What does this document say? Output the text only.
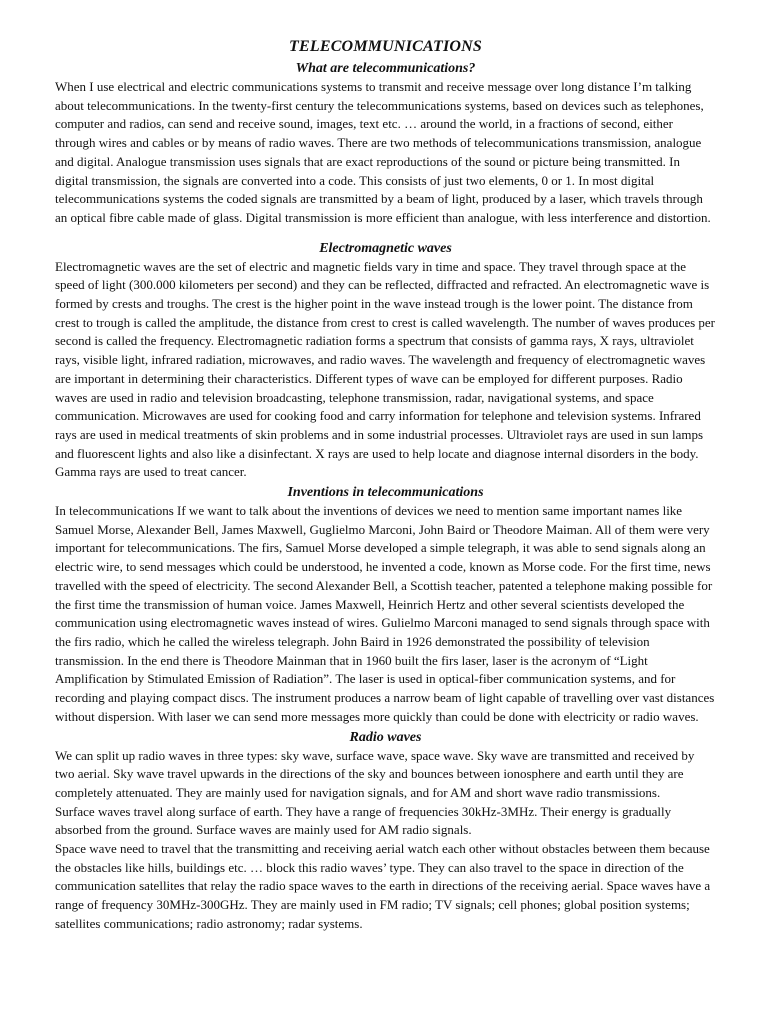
TELECOMMUNICATIONS
What are telecommunications?

When I use electrical and electric communications systems to transmit and receive message over long distance I’m talking about telecommunications. In the twenty-first century the telecommunications systems, based on devices such as telephones, computer and radios, can send and receive sound, images, text etc. … around the world, in a fractions of second, either through wires and cables or by means of radio waves. There are two methods of telecommunications transmission, analogue and digital. Analogue transmission uses signals that are exact reproductions of the sound or picture being transmitted. In digital transmission, the signals are converted into a code. This consists of just two elements, 0 or 1. In most digital telecommunications systems the coded signals are transmitted by a beam of light, produced by a laser, which travels through an optical fibre cable made of glass. Digital transmission is more efficient than analogue, with less interference and distortion.

Electromagnetic waves

Electromagnetic waves are the set of electric and magnetic fields vary in time and space. They travel through space at the speed of light (300.000 kilometers per second) and they can be reflected, diffracted and refracted. An electromagnetic wave is formed by crests and troughs. The crest is the higher point in the wave instead trough is the lower point. The distance from crest to trough is called the amplitude, the distance from crest to crest is called wavelength. The number of waves produces per second is called the frequency. Electromagnetic radiation forms a spectrum that consists of gamma rays, X rays, ultraviolet rays, visible light, infrared radiation, microwaves, and radio waves. The wavelength and frequency of electromagnetic waves are important in determining their characteristics. Different types of wave can be employed for different purposes. Radio waves are used in radio and television broadcasting, telephone transmission, radar, navigational systems, and space communication. Microwaves are used for cooking food and carry information for telephone and television systems. Infrared rays are used in medical treatments of skin problems and in some industrial processes. Ultraviolet rays are used in sun lamps and fluorescent lights and also like a disinfectant. X rays are used to help locate and diagnose internal disorders in the body. Gamma rays are used to treat cancer.

Inventions in telecommunications

In telecommunications If we want to talk about the inventions of devices we need to mention same important names like Samuel Morse, Alexander Bell, James Maxwell, Guglielmo Marconi, John Baird or Theodore Maiman. All of them were very important for telecommunications. The firs, Samuel Morse developed a simple telegraph, it was able to send signals along an electric wire, to send messages which could be understood, he invented a code, known as Morse code. For the first time, news travelled with the speed of electricity. The second Alexander Bell, a Scottish teacher, patented a telephone making possible for the first time the transmission of human voice. James Maxwell, Heinrich Hertz and other several scientists developed the communication using electromagnetic waves instead of wires. Gulielmo Marconi managed to send signals through space with the firs radio, which he called the wireless telegraph. John Baird in 1926 demonstrated the possibility of television transmission. In the end there is Theodore Mainman that in 1960 built the firs laser, laser is the acronym of “Light Amplification by Stimulated Emission of Radiation”. The laser is used in optical-fiber communication systems, and for recording and playing compact discs. The instrument produces a narrow beam of light capable of travelling over vast distances without dispersion. With laser we can send more messages more quickly than could be done with electricity or radio waves.

Radio waves

We can split up radio waves in three types: sky wave, surface wave, space wave. Sky wave are transmitted and received by two aerial. Sky wave travel upwards in the directions of the sky and bounces between ionosphere and earth until they are completely attenuated. They are mainly used for navigation signals, and for AM and short wave radio transmissions.

Surface waves travel along surface of earth. They have a range of frequencies 30kHz-3MHz. Their energy is gradually absorbed from the ground. Surface waves are mainly used for AM radio signals.

Space wave need to travel that the transmitting and receiving aerial watch each other without obstacles between them because the obstacles like hills, buildings etc. … block this radio waves’ type. They can also travel to the space in direction of the communication satellites that relay the radio space waves to the earth in directions of the receiving aerial. Space waves have a range of frequency 30MHz-300GHz. They are mainly used in FM radio; TV signals; cell phones; global position systems; satellites communications; radio astronomy; radar systems.
